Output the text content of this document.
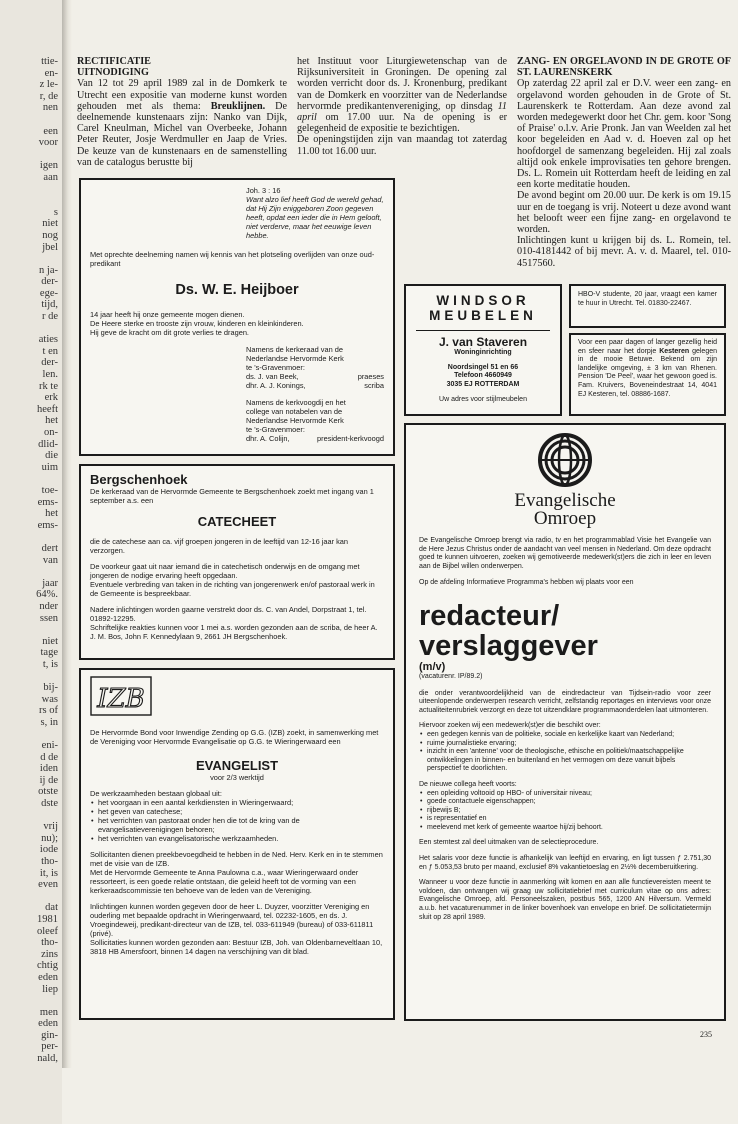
ttie-
en-
z le-
r, de
nen

een
voor

igen
aan

s
niet
nog
jbel

n ja-
der-
ege-
tijd,
r de

aties
t en
der-
len.
rk te
erk
heeft
het
on-
dlid-
die
uim

toe-
ems-
het
ems-

dert
van

jaar
64%.
nder
ssen

niet
tage
t, is

bij-
was
rs of
s, in

eni-
d de
iden
ij de
otste
dste

vrij
nu);
iode
tho-
it, is
even

dat
1981
oleef
tho-
zins
chtig
eden
liep

men
eden
gin-
per-
nald,
RECTIFICATIE
UITNODIGING

Van 12 tot 29 april 1989 zal in de Domkerk te Utrecht een expositie van moderne kunst worden gehouden met als thema: Breuklijnen. De deelnemende kunstenaars zijn: Nanko van Dijk, Carel Kneulman, Michel van Overbeeke, Johann Peter Reuter, Josje Werdmuller en Jaap de Vries. De keuze van de kunstenaars en de samenstelling van de catalogus berustte bij

het Instituut voor Liturgiewetenschap van de Rijksuniversiteit in Groningen. De opening zal worden verricht door ds. J. Kronenburg, predikant van de Domkerk en voorzitter van de Nederlandse hervormde predikantenvereniging, op dinsdag 11 april om 17.00 uur. Na de opening is er gelegenheid de expositie te bezichtigen.

De openingstijden zijn van maandag tot zaterdag 11.00 tot 16.00 uur.

ZANG- EN ORGELAVOND IN DE GROTE OF ST. LAURENSKERK

Op zaterdag 22 april zal er D.V. weer een zang- en orgelavond worden gehouden in de Grote of St. Laurenskerk te Rotterdam. Aan deze avond zal worden medegewerkt door het Chr. gem. koor 'Song of Praise' o.l.v. Arie Pronk. Jan van Weelden zal het koor begeleiden en Aad v. d. Hoeven zal op het hoofdorgel de samenzang begeleiden. Hij zal zoals altijd ook enkele improvisaties ten gehore brengen. Ds. L. Romein uit Rotterdam heeft de leiding en zal een korte meditatie houden.

De avond begint om 20.00 uur. De kerk is om 19.15 uur en de toegang is vrij. Noteert u deze avond want het belooft weer een fijne zang- en orgelavond te worden.

Inlichtingen kunt u krijgen bij ds. L. Romein, tel. 010-4181442 of bij mevr. A. v. d. Maarel, tel. 010-4517560.

Joh. 3 : 16
Want alzo lief heeft God de wereld gehad, dat Hij Zijn eniggeboren Zoon gegeven heeft, opdat een ieder die in Hem gelooft, niet verderve, maar het eeuwige leven hebbe.
Met oprechte deelneming namen wij kennis van het plotseling overlijden van onze oud-predikant
Ds. W. E. Heijboer
14 jaar heeft hij onze gemeente mogen dienen.
De Heere sterke en trooste zijn vrouw, kinderen en kleinkinderen.
Hij geve de kracht om dit grote verlies te dragen.
Namens de kerkeraad van de
Nederlandse Hervormde Kerk
te 's-Gravenmoer:
ds. J. van Beek,	praeses
dhr. A. J. Konings,	scriba
Namens de kerkvoogdij en het
college van notabelen van de
Nederlandse Hervormde Kerk
te 's-Gravenmoer:
dhr. A. Colijn,	president-kerkvoogd
Bergschenhoek
De kerkeraad van de Hervormde Gemeente te Bergschenhoek zoekt met ingang van 1 september a.s. een
CATECHEET
die de catechese aan ca. vijf groepen jongeren in de leeftijd van 12-16 jaar kan verzorgen.
De voorkeur gaat uit naar iemand die in catechetisch onderwijs en de omgang met jongeren de nodige ervaring heeft opgedaan.
Eventuele verbreding van taken in de richting van jongerenwerk en/of pastoraal werk in de Gemeente is bespreekbaar.
Nadere inlichtingen worden gaarne verstrekt door ds. C. van Andel, Dorpstraat 1, tel. 01892-12295.
Schriftelijke reakties kunnen voor 1 mei a.s. worden gezonden aan de scriba, de heer A. J. M. Bos, John F. Kennedylaan 9, 2661 JH Bergschenhoek.
IZB
De Hervormde Bond voor Inwendige Zending op G.G. (IZB) zoekt, in samenwerking met de Vereniging voor Hervormde Evangelisatie op G.G. te Wieringerwaard een
EVANGELIST
voor 2/3 werktijd
De werkzaamheden bestaan globaal uit:
• het voorgaan in een aantal kerkdiensten in Wieringerwaard;
• het geven van catechese;
• het verrichten van pastoraat onder hen die tot de kring van de evangelisatieverenigingen behoren;
• het verrichten van evangelisatorische werkzaamheden.
Sollicitanten dienen preekbevoegdheid te hebben in de Ned. Herv. Kerk en in te stemmen met de visie van de IZB.
Met de Hervormde Gemeente te Anna Paulowna c.a., waar Wieringerwaard onder ressorteert, is een goede relatie ontstaan, die geleid heeft tot de vorming van een kerkeraadscommissie ten behoeve van de leden van de Vereniging.
Inlichtingen kunnen worden gegeven door de heer L. Duyzer, voorzitter Vereniging en ouderling met bepaalde opdracht in Wieringerwaard, tel. 02232-1605, en ds. J. Vroegindeweij, predikant-directeur van de IZB, tel. 033-611949 (bureau) of 033-611811 (privé).
Sollicitaties kunnen worden gezonden aan: Bestuur IZB, Joh. van Oldenbarneveltlaan 10, 3818 HB Amersfoort, binnen 14 dagen na verschijning van dit blad.
WINDSOR
MEUBELEN
J. van Staveren
Woninginrichting
Noordsingel 51 en 66
Telefoon 4660949
3035 EJ ROTTERDAM
Uw adres voor stijlmeubelen
HBO-V studente, 20 jaar, vraagt een kamer te huur in Utrecht. Tel. 01830-22467.
Voor een paar dagen of langer gezellig heid en sfeer naar het dorpje Kesteren gelegen in de mooie Betuwe. Bekend om zijn landelijke omgeving, ± 3 km van Rhenen. Pension 'De Peel', waar het gewoon goed is. Fam. Kruivers, Boveneindestraat 14, 4041 EJ Kesteren, tel. 08886-1687.
Evangelische
Omroep
De Evangelische Omroep brengt via radio, tv en het programmablad Visie het Evangelie van de Here Jezus Christus onder de aandacht van veel mensen in Nederland. Om deze opdracht goed te kunnen uitvoeren, zoeken wij gemotiveerde medewerk(st)ers die zich in leer en leven aan de Bijbel willen onderwerpen.
Op de afdeling Informatieve Programma's hebben wij plaats voor een
redacteur/
verslaggever
(m/v)
(vacaturenr. IP/89.2)
die onder verantwoordelijkheid van de eindredacteur van Tijdsein-radio voor zeer uiteenlopende onderwerpen research verricht, zelfstandig reportages en interviews voor onze actualiteitenrubriek verzorgt en deze tot uitzendklare programmaonderdelen laat uitmonteren.
Hiervoor zoeken wij een medewerk(st)er die beschikt over:
• een gedegen kennis van de politieke, sociale en kerkelijke kaart van Nederland;
• ruime journalistieke ervaring;
• inzicht in een 'antenne' voor de theologische, ethische en politiek/maatschappelijke ontwikkelingen in binnen- en buitenland en het vermogen om deze vanuit bijbels perspectief te doorlichten.
De nieuwe collega heeft voorts:
• een opleiding voltooid op HBO- of universitair niveau;
• goede contactuele eigenschappen;
• rijbewijs B;
• is representatief en
• meelevend met kerk of gemeente waartoe hij/zij behoort.
Een stemtest zal deel uitmaken van de selectieprocedure.
Het salaris voor deze functie is afhankelijk van leeftijd en ervaring, en ligt tussen ƒ 2.751,30 en ƒ 5.053,53 bruto per maand, exclusief 8% vakantietoeslag en 2½% decemberuitkering.
Wanneer u voor deze functie in aanmerking wilt komen en aan alle functievereisten meent te voldoen, dan ontvangen wij graag uw sollicitatiebrief met curriculum vitae op ons adres: Evangelische Omroep, afd. Personeelszaken, postbus 565, 1200 AN Hilversum. Vermeld a.u.b. het vacaturenummer in de linker bovenhoek van envelope en brief. De sollicitatietermijn sluit op 28 april 1989.
235
